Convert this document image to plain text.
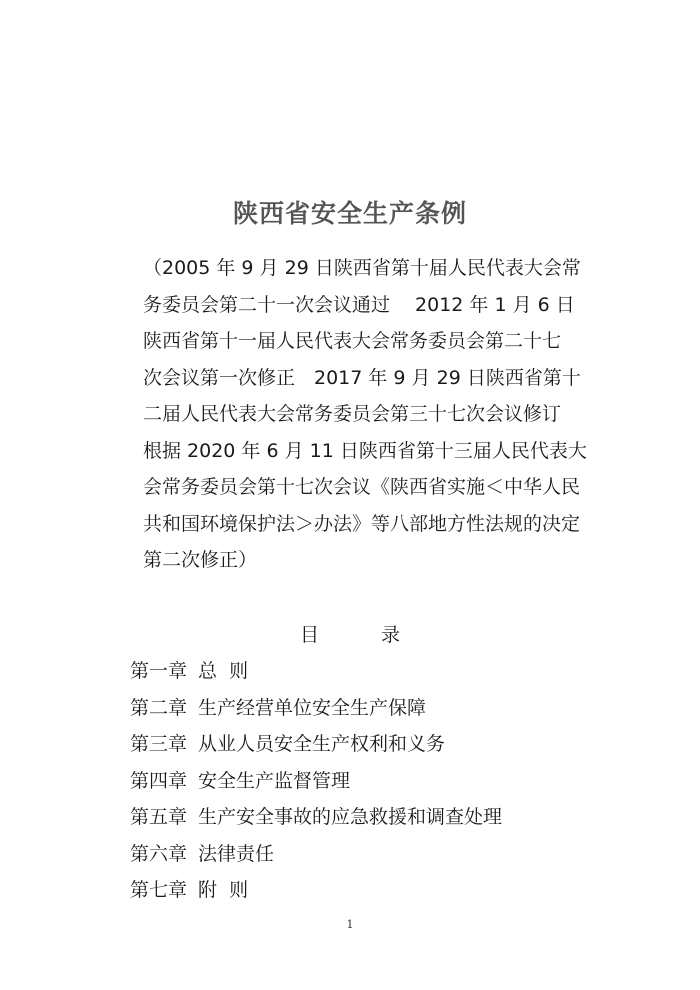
陕西省安全生产条例
（2005 年 9 月 29 日陕西省第十届人民代表大会常
务委员会第二十一次会议通过　 2012 年 1 月 6 日
陕西省第十一届人民代表大会常务委员会第二十七
次会议第一次修正　2017 年 9 月 29 日陕西省第十
二届人民代表大会常务委员会第三十七次会议修订
根据 2020 年 6 月 11 日陕西省第十三届人民代表大
会常务委员会第十七次会议《陕西省实施＜中华人民
共和国环境保护法＞办法》等八部地方性法规的决定
第二次修正）
目	录
第一章 总  则
第二章 生产经营单位安全生产保障
第三章 从业人员安全生产权利和义务
第四章 安全生产监督管理
第五章 生产安全事故的应急救援和调查处理
第六章 法律责任
第七章 附  则
1
